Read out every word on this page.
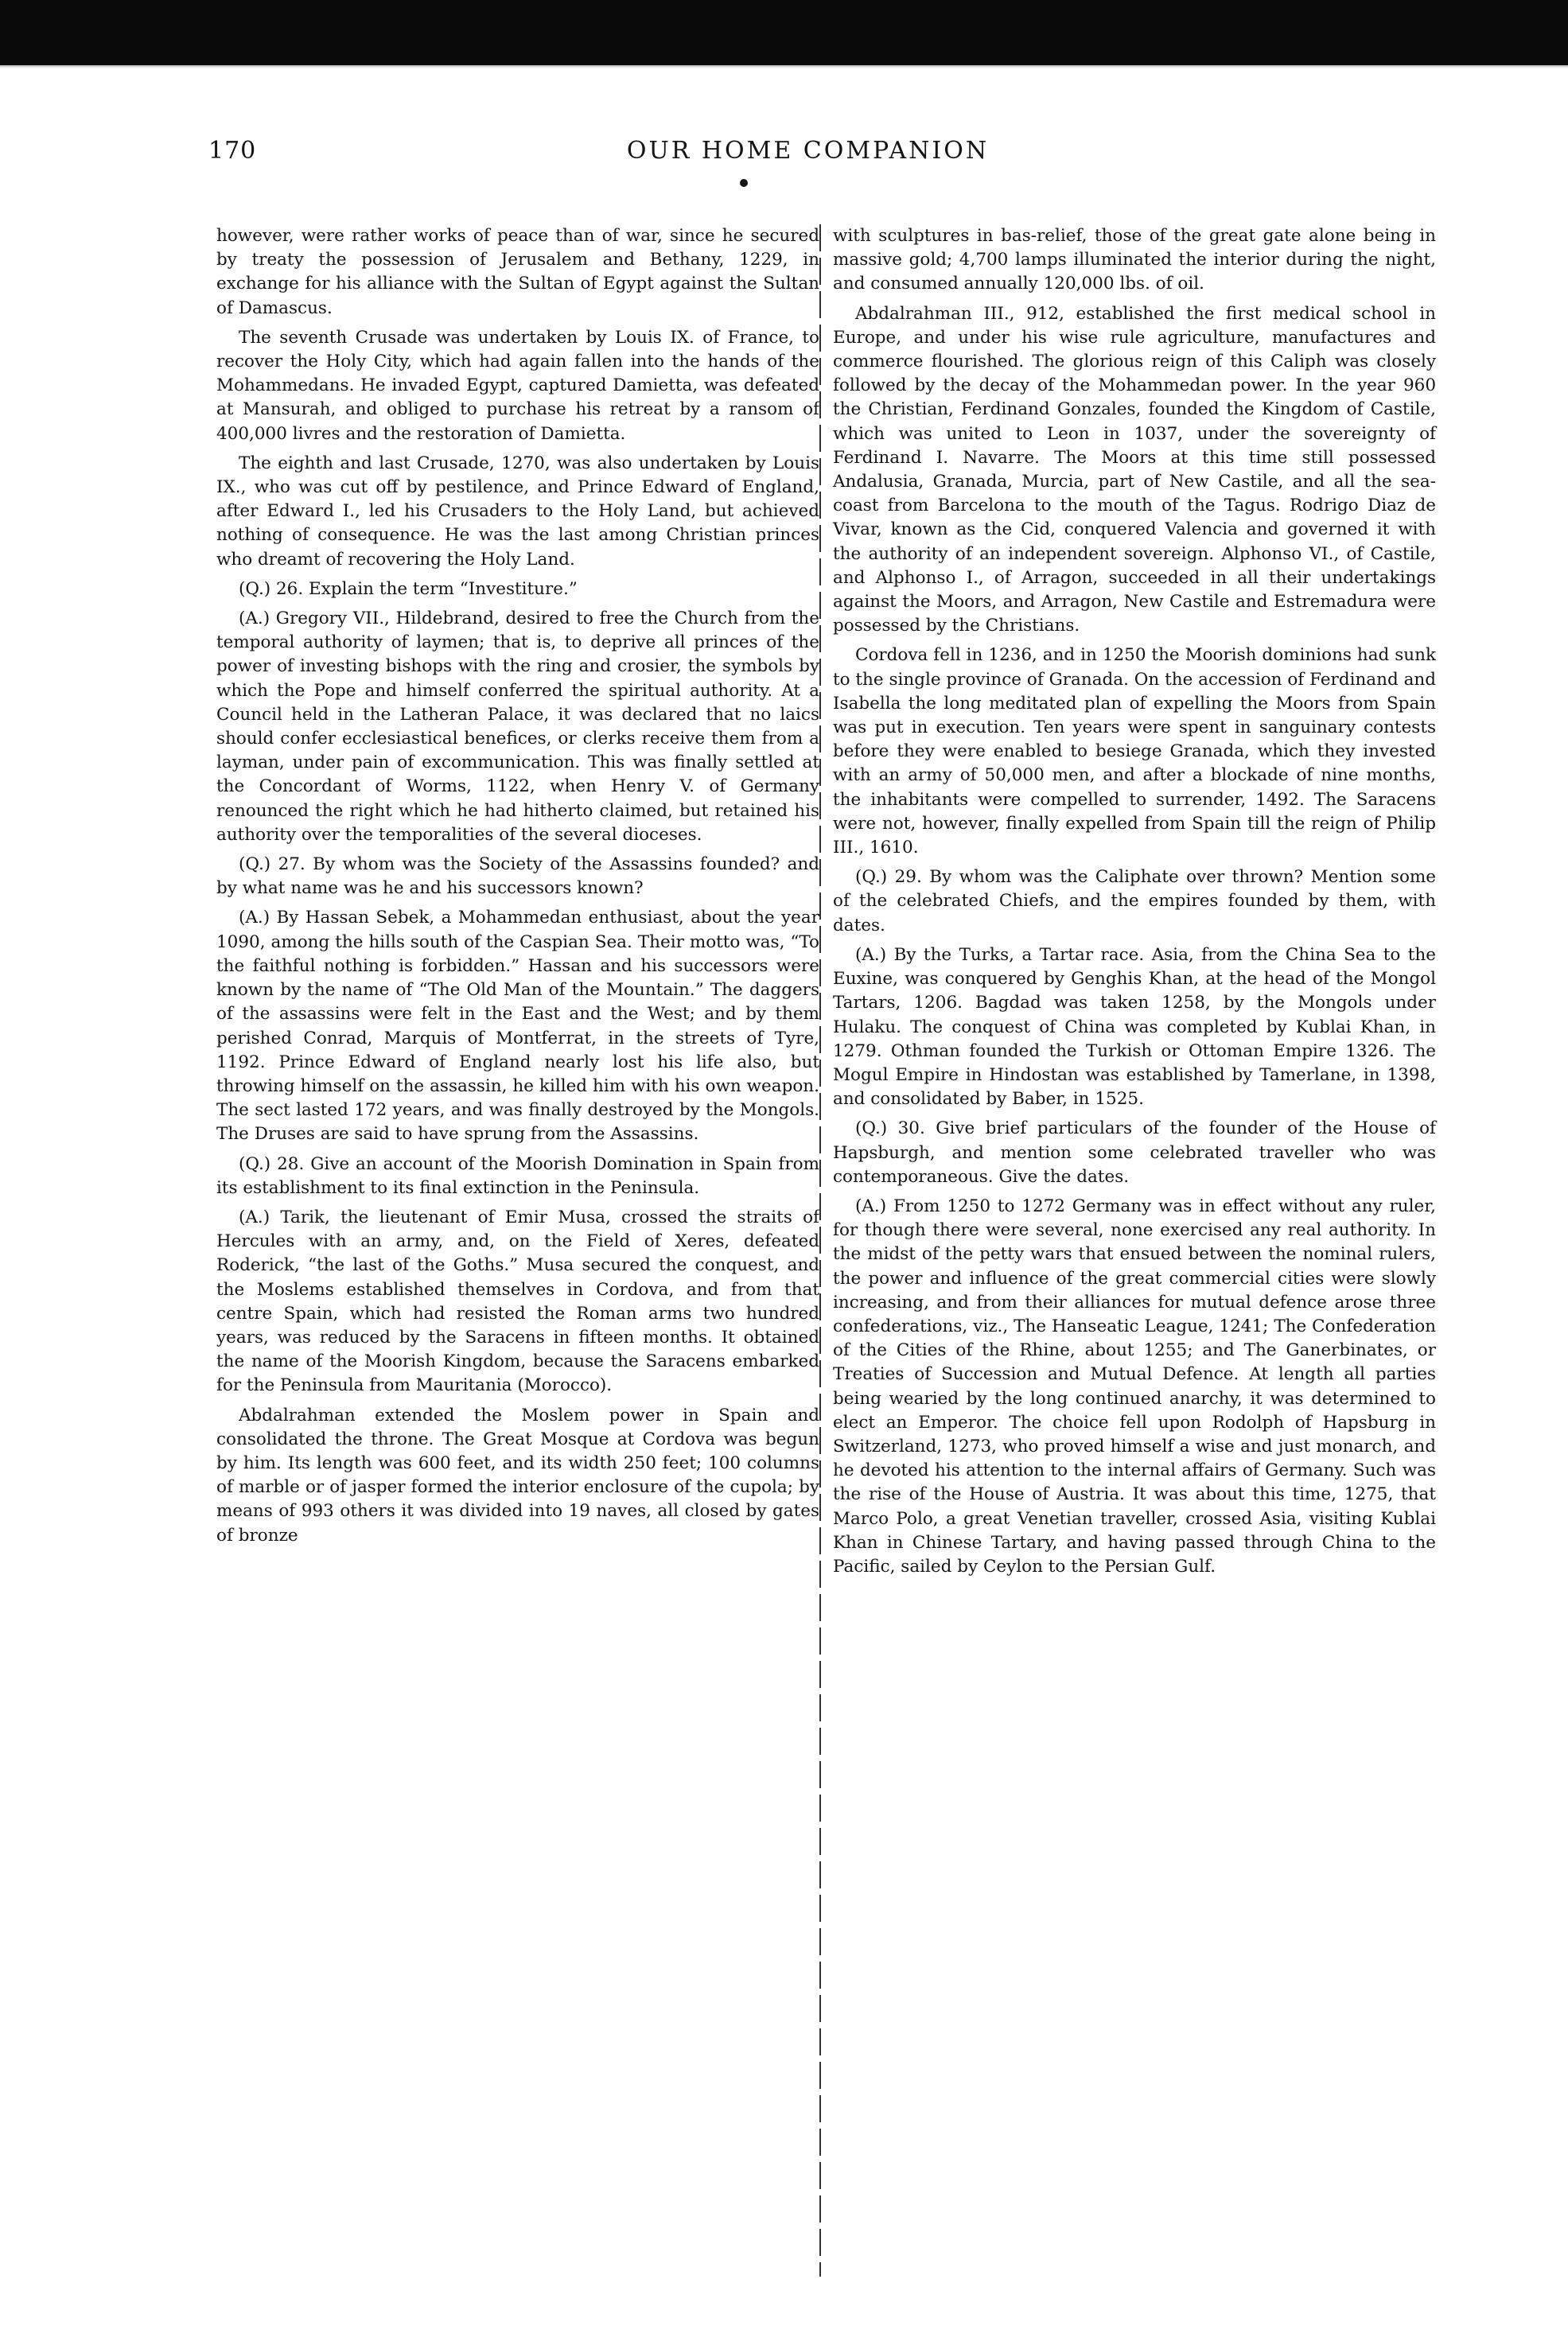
170	OUR HOME COMPANION

however, were rather works of peace than of war, since he secured by treaty the possession of Jerusalem and Bethany, 1229, in exchange for his alliance with the Sultan of Egypt against the Sultan of Damascus.

The seventh Crusade was undertaken by Louis IX. of France, to recover the Holy City, which had again fallen into the hands of the Mohammedans. He invaded Egypt, captured Damietta, was defeated at Mansurah, and obliged to purchase his retreat by a ransom of 400,000 livres and the restoration of Damietta.

The eighth and last Crusade, 1270, was also undertaken by Louis IX., who was cut off by pestilence, and Prince Edward of England, after Edward I., led his Crusaders to the Holy Land, but achieved nothing of consequence. He was the last among Christian princes who dreamt of recovering the Holy Land.

(Q.) 26. Explain the term “Investiture.”

(A.) Gregory VII., Hildebrand, desired to free the Church from the temporal authority of laymen; that is, to deprive all princes of the power of investing bishops with the ring and crosier, the symbols by which the Pope and himself conferred the spiritual authority. At a Council held in the Latheran Palace, it was declared that no laics should confer ecclesiastical benefices, or clerks receive them from a layman, under pain of excommunication. This was finally settled at the Concordant of Worms, 1122, when Henry V. of Germany renounced the right which he had hitherto claimed, but retained his authority over the temporalities of the several dioceses.

(Q.) 27. By whom was the Society of the Assassins founded? and by what name was he and his successors known?

(A.) By Hassan Sebek, a Mohammedan enthusiast, about the year 1090, among the hills south of the Caspian Sea. Their motto was, “To the faithful nothing is forbidden.” Hassan and his successors were known by the name of “The Old Man of the Mountain.” The daggers of the assassins were felt in the East and the West; and by them perished Conrad, Marquis of Montferrat, in the streets of Tyre, 1192. Prince Edward of England nearly lost his life also, but throwing himself on the assassin, he killed him with his own weapon. The sect lasted 172 years, and was finally destroyed by the Mongols. The Druses are said to have sprung from the Assassins.

(Q.) 28. Give an account of the Moorish Domination in Spain from its establishment to its final extinction in the Peninsula.

(A.) Tarik, the lieutenant of Emir Musa, crossed the straits of Hercules with an army, and, on the Field of Xeres, defeated Roderick, “the last of the Goths.” Musa secured the conquest, and the Moslems established themselves in Cordova, and from that centre Spain, which had resisted the Roman arms two hundred years, was reduced by the Saracens in fifteen months. It obtained the name of the Moorish Kingdom, because the Saracens embarked for the Peninsula from Mauritania (Morocco).

Abdalrahman extended the Moslem power in Spain and consolidated the throne. The Great Mosque at Cordova was begun by him. Its length was 600 feet, and its width 250 feet; 100 columns of marble or of jasper formed the interior enclosure of the cupola; by means of 993 others it was divided into 19 naves, all closed by gates of bronze

with sculptures in bas-relief, those of the great gate alone being in massive gold; 4,700 lamps illuminated the interior during the night, and consumed annually 120,000 lbs. of oil.

Abdalrahman III., 912, established the first medical school in Europe, and under his wise rule agriculture, manufactures and commerce flourished. The glorious reign of this Caliph was closely followed by the decay of the Mohammedan power. In the year 960 the Christian, Ferdinand Gonzales, founded the Kingdom of Castile, which was united to Leon in 1037, under the sovereignty of Ferdinand I. Navarre. The Moors at this time still possessed Andalusia, Granada, Murcia, part of New Castile, and all the sea-coast from Barcelona to the mouth of the Tagus. Rodrigo Diaz de Vivar, known as the Cid, conquered Valencia and governed it with the authority of an independent sovereign. Alphonso VI., of Castile, and Alphonso I., of Arragon, succeeded in all their undertakings against the Moors, and Arragon, New Castile and Estremadura were possessed by the Christians.

Cordova fell in 1236, and in 1250 the Moorish dominions had sunk to the single province of Granada. On the accession of Ferdinand and Isabella the long meditated plan of expelling the Moors from Spain was put in execution. Ten years were spent in sanguinary contests before they were enabled to besiege Granada, which they invested with an army of 50,000 men, and after a blockade of nine months, the inhabitants were compelled to surrender, 1492. The Saracens were not, however, finally expelled from Spain till the reign of Philip III., 1610.

(Q.) 29. By whom was the Caliphate over thrown? Mention some of the celebrated Chiefs, and the empires founded by them, with dates.

(A.) By the Turks, a Tartar race. Asia, from the China Sea to the Euxine, was conquered by Genghis Khan, at the head of the Mongol Tartars, 1206. Bagdad was taken 1258, by the Mongols under Hulaku. The conquest of China was completed by Kublai Khan, in 1279. Othman founded the Turkish or Ottoman Empire 1326. The Mogul Empire in Hindostan was established by Tamerlane, in 1398, and consolidated by Baber, in 1525.

(Q.) 30. Give brief particulars of the founder of the House of Hapsburgh, and mention some celebrated traveller who was contemporaneous. Give the dates.

(A.) From 1250 to 1272 Germany was in effect without any ruler, for though there were several, none exercised any real authority. In the midst of the petty wars that ensued between the nominal rulers, the power and influence of the great commercial cities were slowly increasing, and from their alliances for mutual defence arose three confederations, viz., The Hanseatic League, 1241; The Confederation of the Cities of the Rhine, about 1255; and The Ganerbinates, or Treaties of Succession and Mutual Defence. At length all parties being wearied by the long continued anarchy, it was determined to elect an Emperor. The choice fell upon Rodolph of Hapsburg in Switzerland, 1273, who proved himself a wise and just monarch, and he devoted his attention to the internal affairs of Germany. Such was the rise of the House of Austria. It was about this time, 1275, that Marco Polo, a great Venetian traveller, crossed Asia, visiting Kublai Khan in Chinese Tartary, and having passed through China to the Pacific, sailed by Ceylon to the Persian Gulf.
